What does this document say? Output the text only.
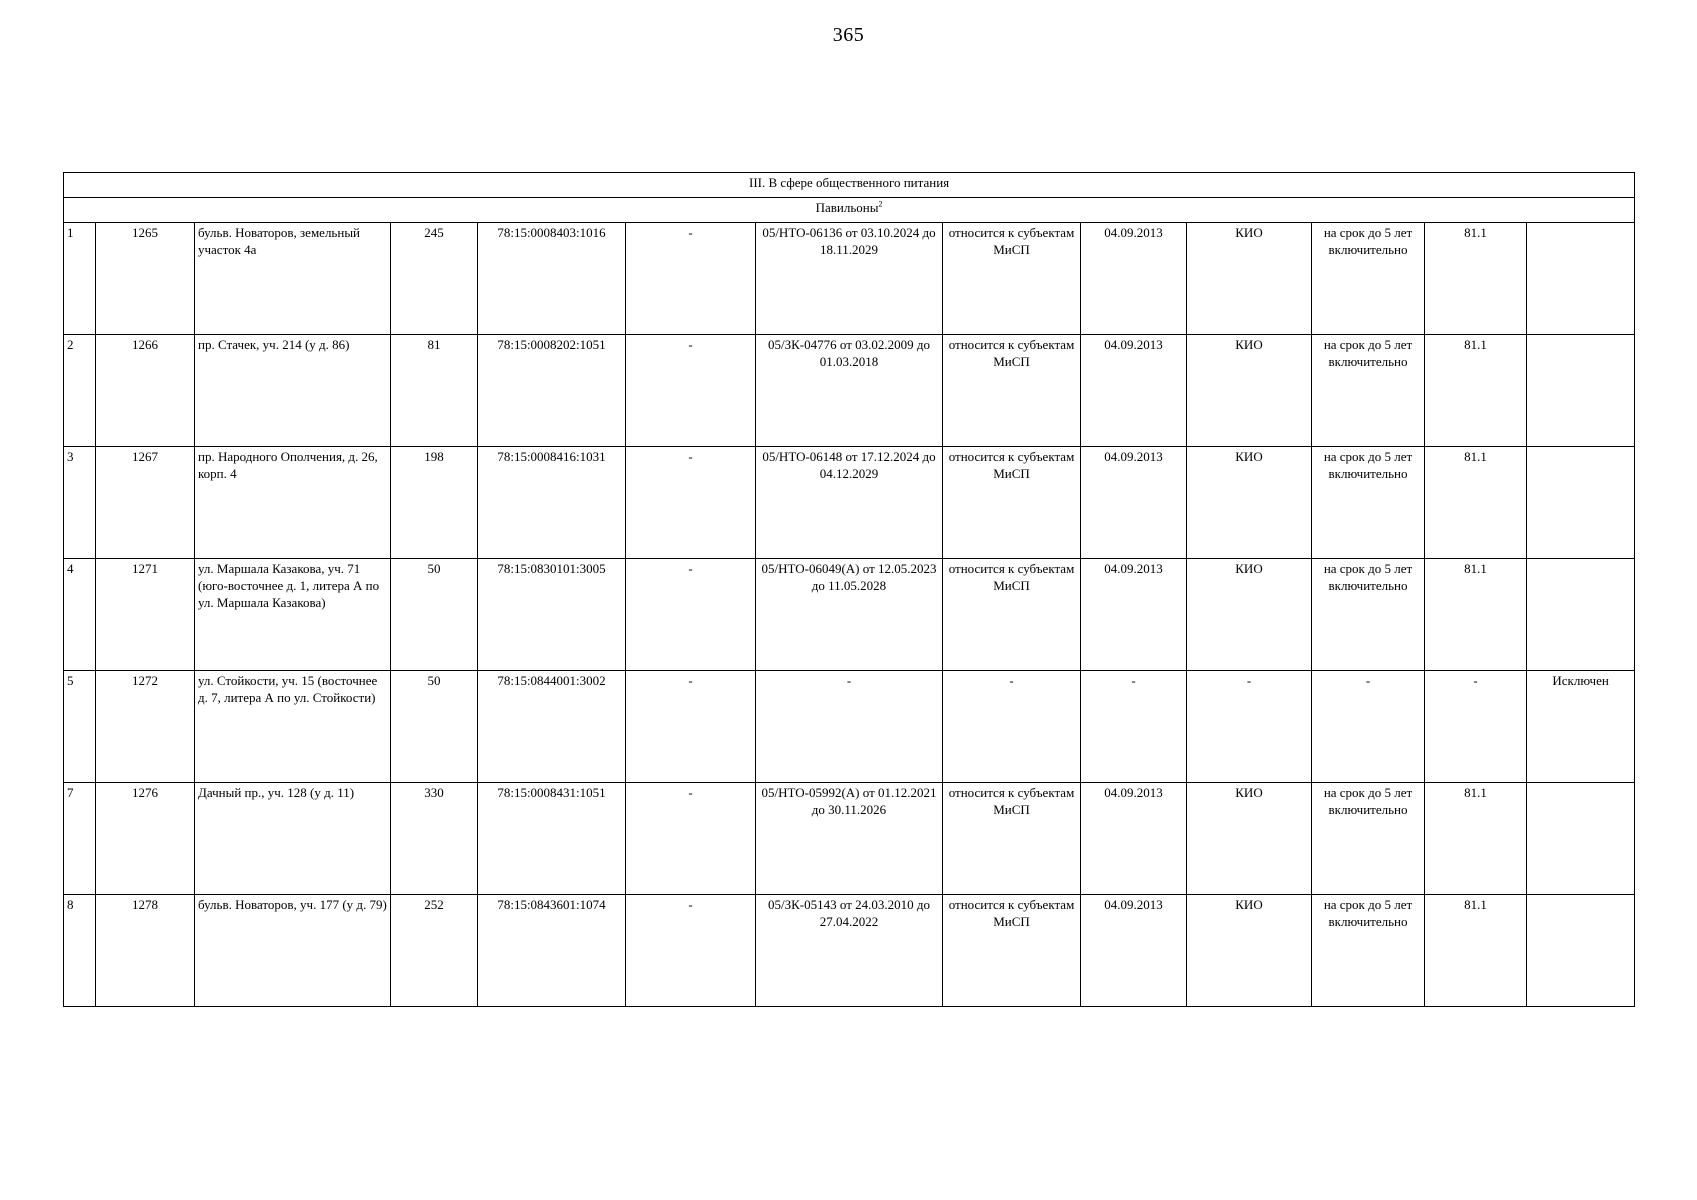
365
III. В сфере общественного питания												
Павильоны$^2$
1	1265	бульв. Новаторов, земельный участок 4а	245	78:15:0008403:1016	-	05/НТО-06136 от 03.10.2024 до 18.11.2029	относится к субъектам МиСП	04.09.2013	КИО	на срок до 5 лет включительно	81.1	
2	1266	пр. Стачек, уч. 214 (у д. 86)	81	78:15:0008202:1051	-	05/ЗК-04776 от 03.02.2009 до 01.03.2018	относится к субъектам МиСП	04.09.2013	КИО	на срок до 5 лет включительно	81.1	
3	1267	пр. Народного Ополчения, д. 26, корп. 4	198	78:15:0008416:1031	-	05/НТО-06148 от 17.12.2024 до 04.12.2029	относится к субъектам МиСП	04.09.2013	КИО	на срок до 5 лет включительно	81.1	
4	1271	ул. Маршала Казакова, уч. 71 (юго-восточнее д. 1, литера А по ул. Маршала Казакова)	50	78:15:0830101:3005	-	05/НТО-06049(А) от 12.05.2023 до 11.05.2028	относится к субъектам МиСП	04.09.2013	КИО	на срок до 5 лет включительно	81.1	
5	1272	ул. Стойкости, уч. 15 (восточнее д. 7, литера А по ул. Стойкости)	50	78:15:0844001:3002	-	-	-	-	-	-	-	Исключен
7	1276	Дачный пр., уч. 128 (у д. 11)	330	78:15:0008431:1051	-	05/НТО-05992(А) от 01.12.2021 до 30.11.2026	относится к субъектам МиСП	04.09.2013	КИО	на срок до 5 лет включительно	81.1	
8	1278	бульв. Новаторов, уч. 177 (у д. 79)	252	78:15:0843601:1074	-	05/ЗК-05143 от 24.03.2010 до 27.04.2022	относится к субъектам МиСП	04.09.2013	КИО	на срок до 5 лет включительно	81.1	
